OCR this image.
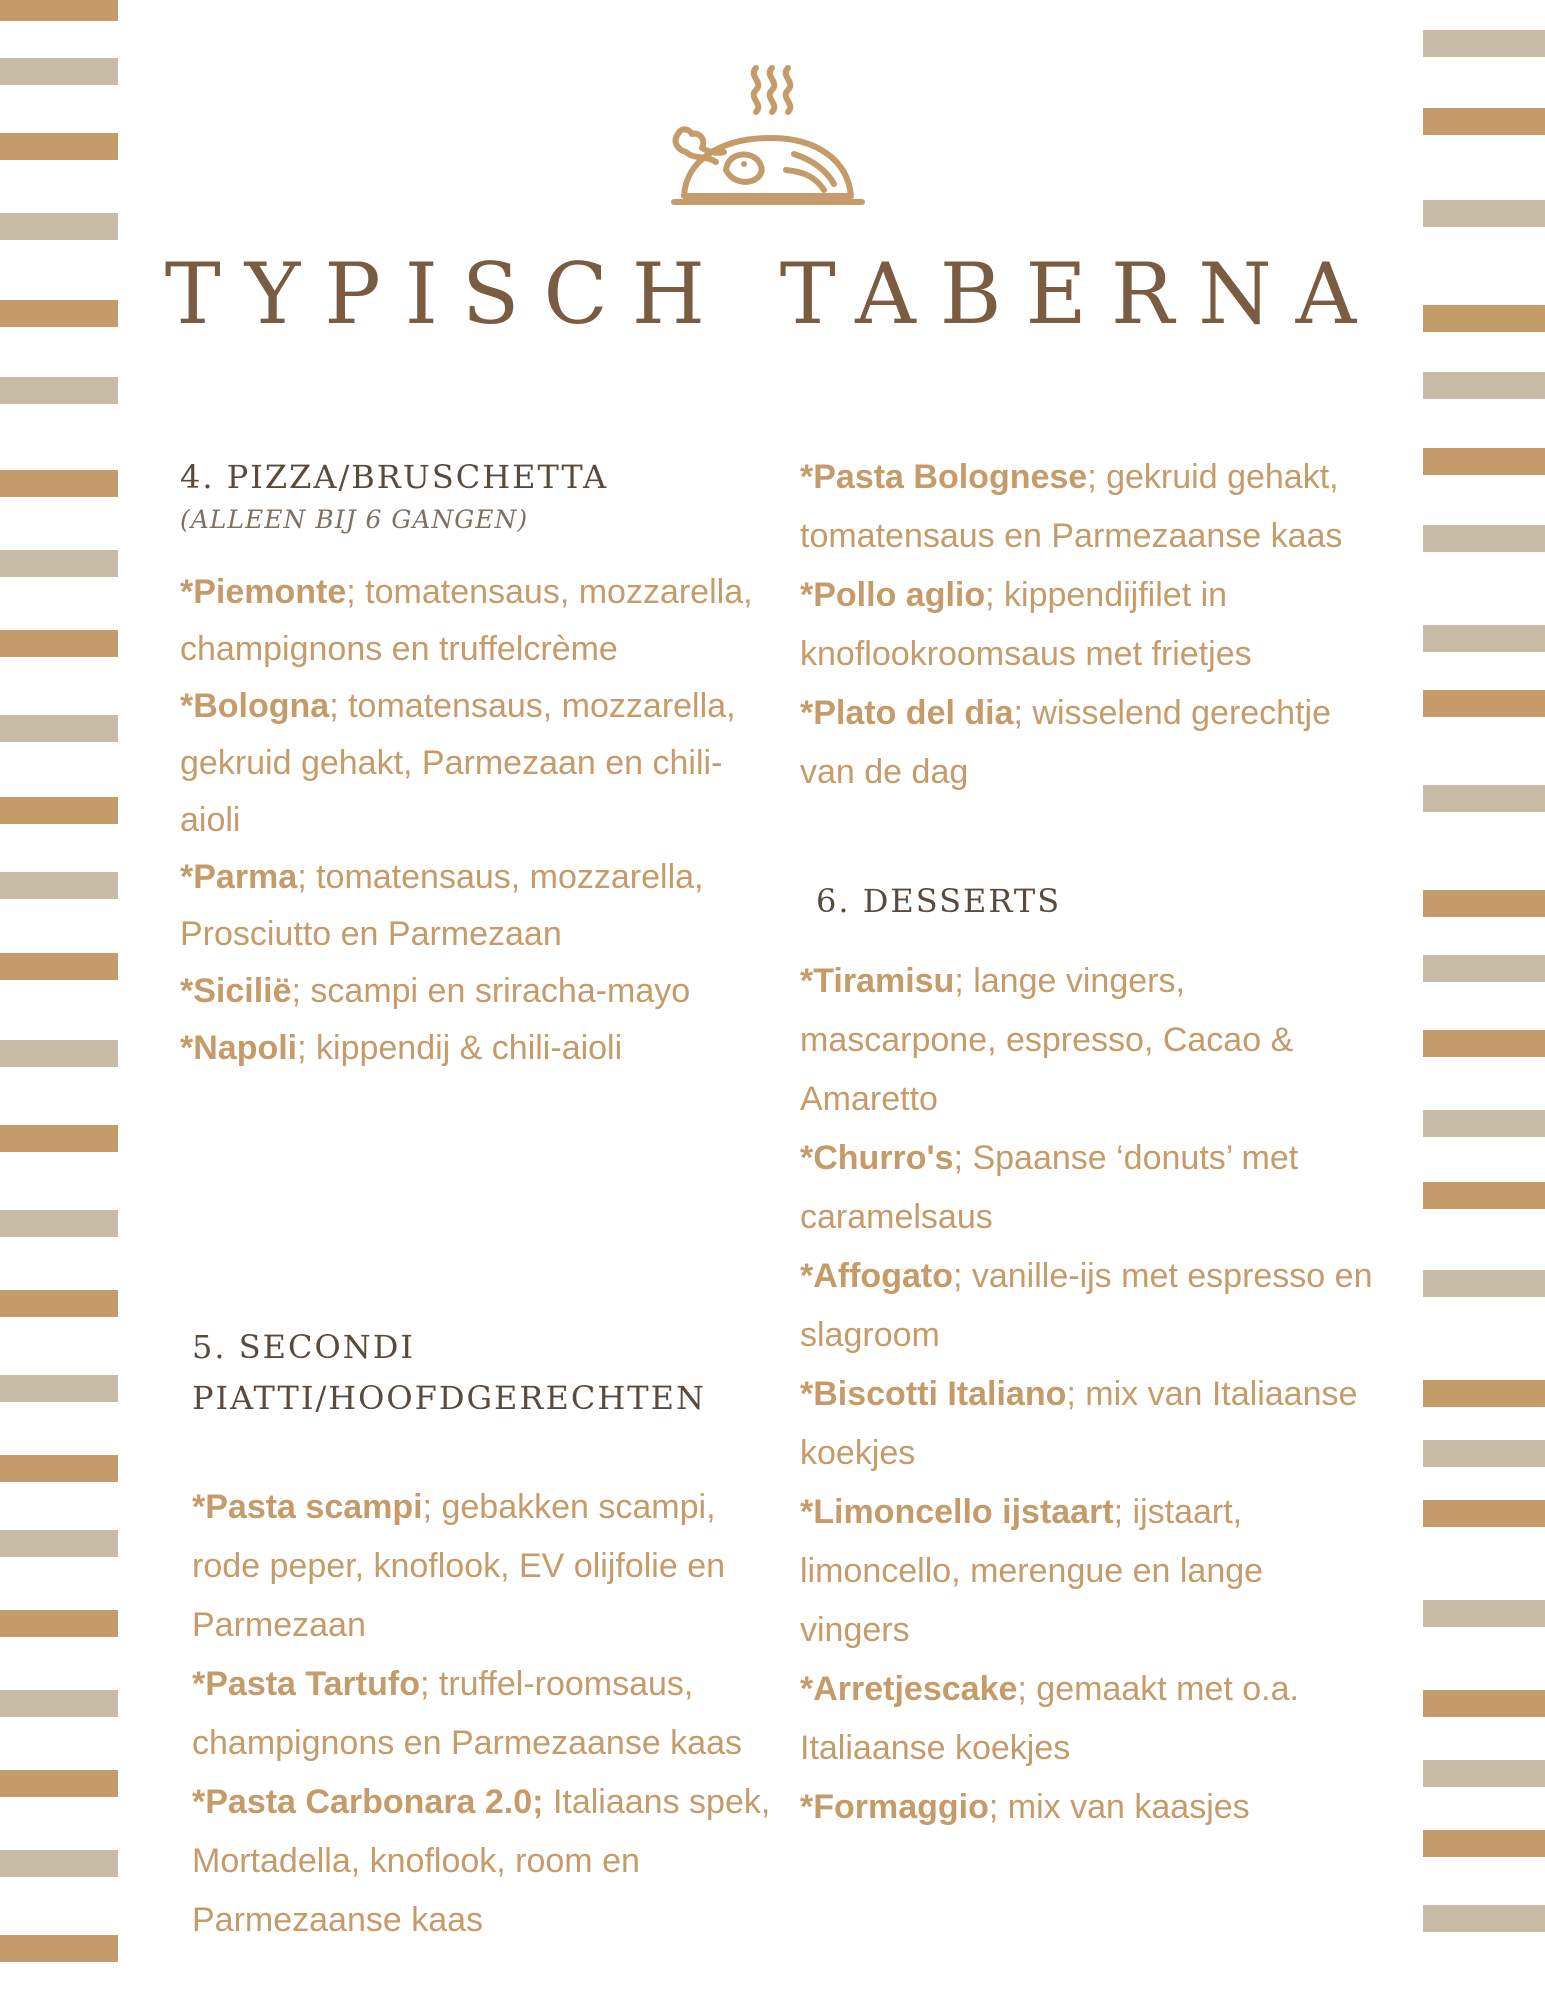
TYPISCH TABERNA
4. PIZZA/BRUSCHETTA
(ALLEEN BIJ 6 GANGEN)
*Piemonte; tomatensaus, mozzarella, champignons en truffelcrème
*Bologna; tomatensaus, mozzarella, gekruid gehakt, Parmezaan en chili-aioli
*Parma; tomatensaus, mozzarella, Prosciutto en Parmezaan
*Sicilië; scampi en sriracha-mayo
*Napoli; kippendij & chili-aioli
5. SECONDI
PIATTI/HOOFDGERECHTEN
*Pasta scampi; gebakken scampi, rode peper, knoflook, EV olijfolie en Parmezaan
*Pasta Tartufo; truffel-roomsaus, champignons en Parmezaanse kaas
*Pasta Carbonara 2.0; Italiaans spek, Mortadella, knoflook, room en Parmezaanse kaas
*Pasta Bolognese; gekruid gehakt, tomatensaus en Parmezaanse kaas
*Pollo aglio; kippendijfilet in knoflookroomsaus met frietjes
*Plato del dia; wisselend gerechtje van de dag
6. DESSERTS
*Tiramisu; lange vingers, mascarpone, espresso, Cacao & Amaretto
*Churro's; Spaanse ‘donuts’ met caramelsaus
*Affogato; vanille-ijs met espresso en slagroom
*Biscotti Italiano; mix van Italiaanse koekjes
*Limoncello ijstaart; ijstaart, limoncello, merengue en lange vingers
*Arretjescake; gemaakt met o.a. Italiaanse koekjes
*Formaggio; mix van kaasjes
